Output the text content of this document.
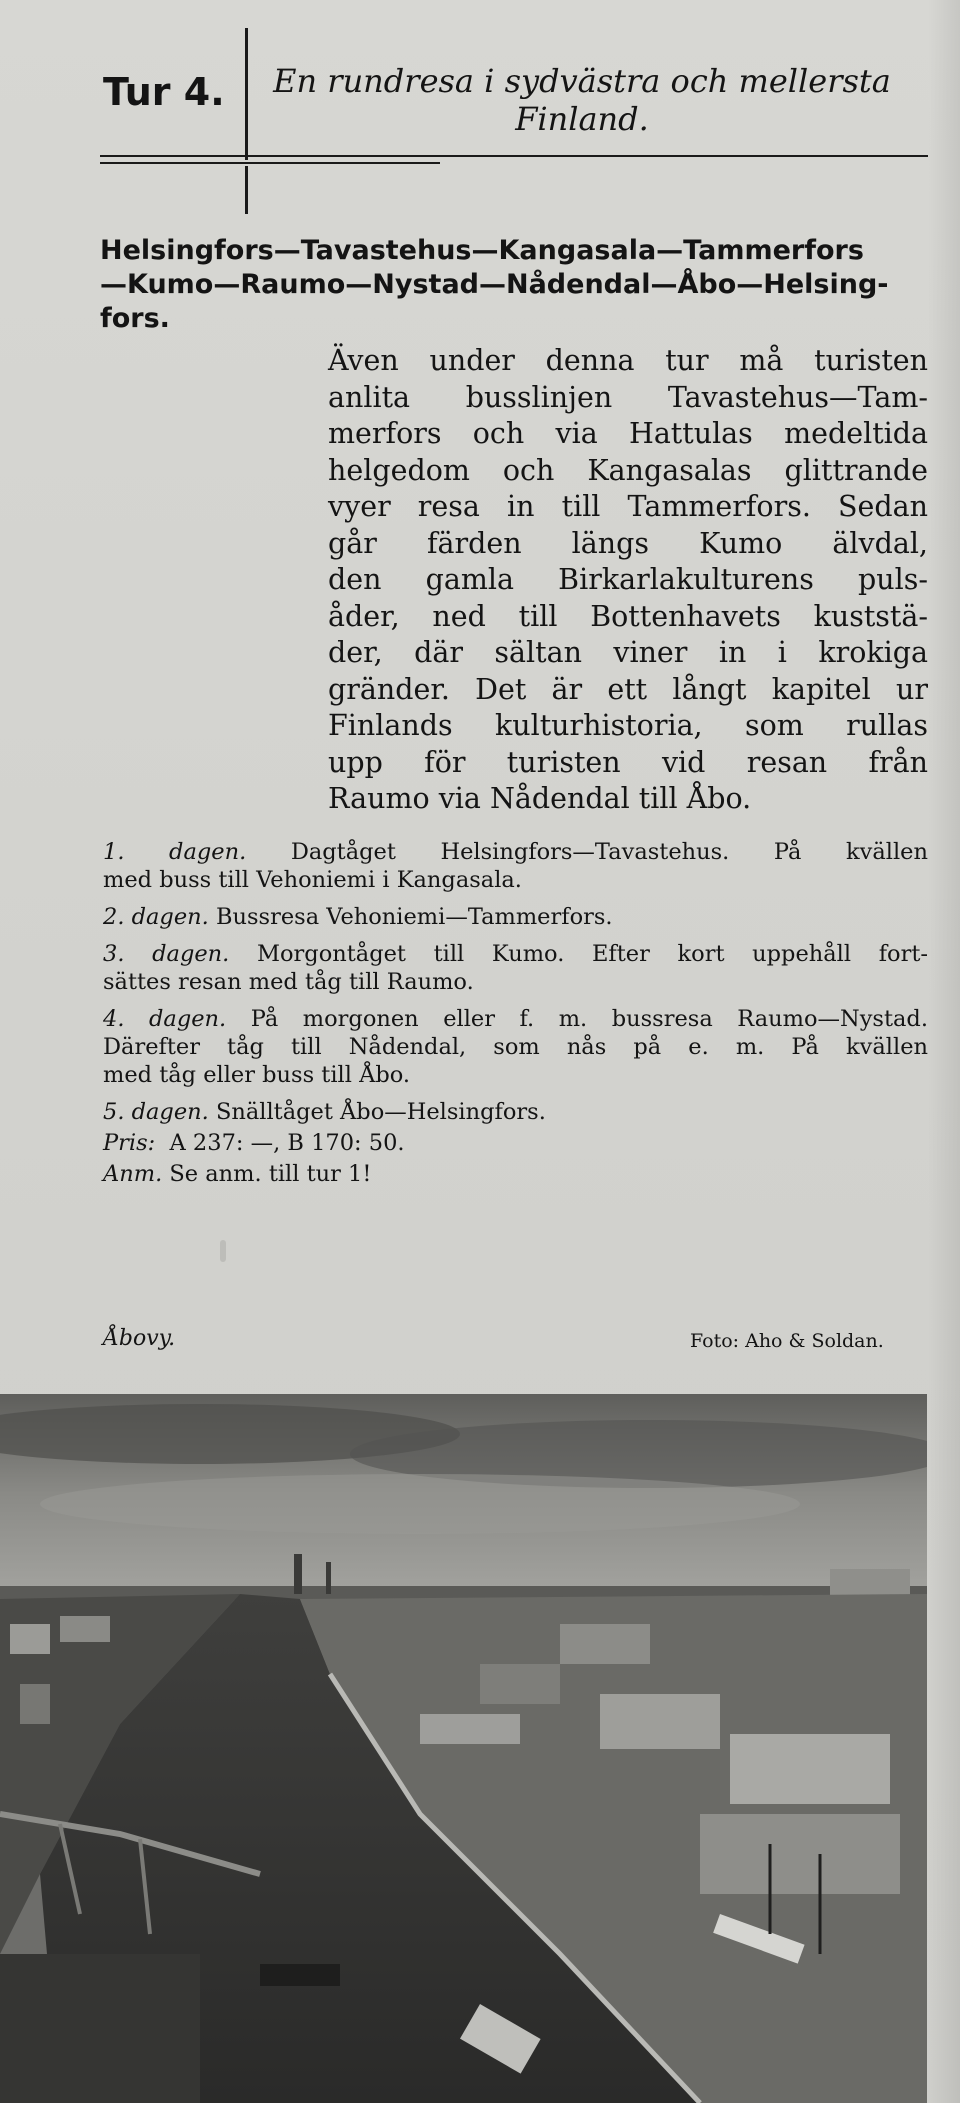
Tur 4.	En rundresa i sydvästra och mellersta
Finland.
Helsingfors—Tavastehus—Kangasala—Tammerfors
—Kumo—Raumo—Nystad—Nådendal—Åbo—Helsing-
fors.
Även under denna tur må turisten
anlita busslinjen Tavastehus—Tam-
merfors och via Hattulas medeltida
helgedom och Kangasalas glittrande
vyer resa in till Tammerfors. Sedan
går färden längs Kumo älvdal,
den gamla Birkarlakulturens puls-
åder, ned till Bottenhavets kuststä-
der, där sältan viner in i krokiga
gränder. Det är ett långt kapitel ur
Finlands kulturhistoria, som rullas
upp för turisten vid resan från
Raumo via Nådendal till Åbo.
1. dagen. Dagtåget Helsingfors—Tavastehus. På kvällen
med buss till Vehoniemi i Kangasala.
2. dagen. Bussresa Vehoniemi—Tammerfors.
3. dagen. Morgontåget till Kumo. Efter kort uppehåll fort-
sättes resan med tåg till Raumo.
4. dagen. På morgonen eller f. m. bussresa Raumo—Nystad.
Därefter tåg till Nådendal, som nås på e. m. På kvällen
med tåg eller buss till Åbo.
5. dagen. Snälltåget Åbo—Helsingfors.
Pris: A 237: —, B 170: 50.
Anm. Se anm. till tur 1!
Åbovy.	Foto: Aho & Soldan.
